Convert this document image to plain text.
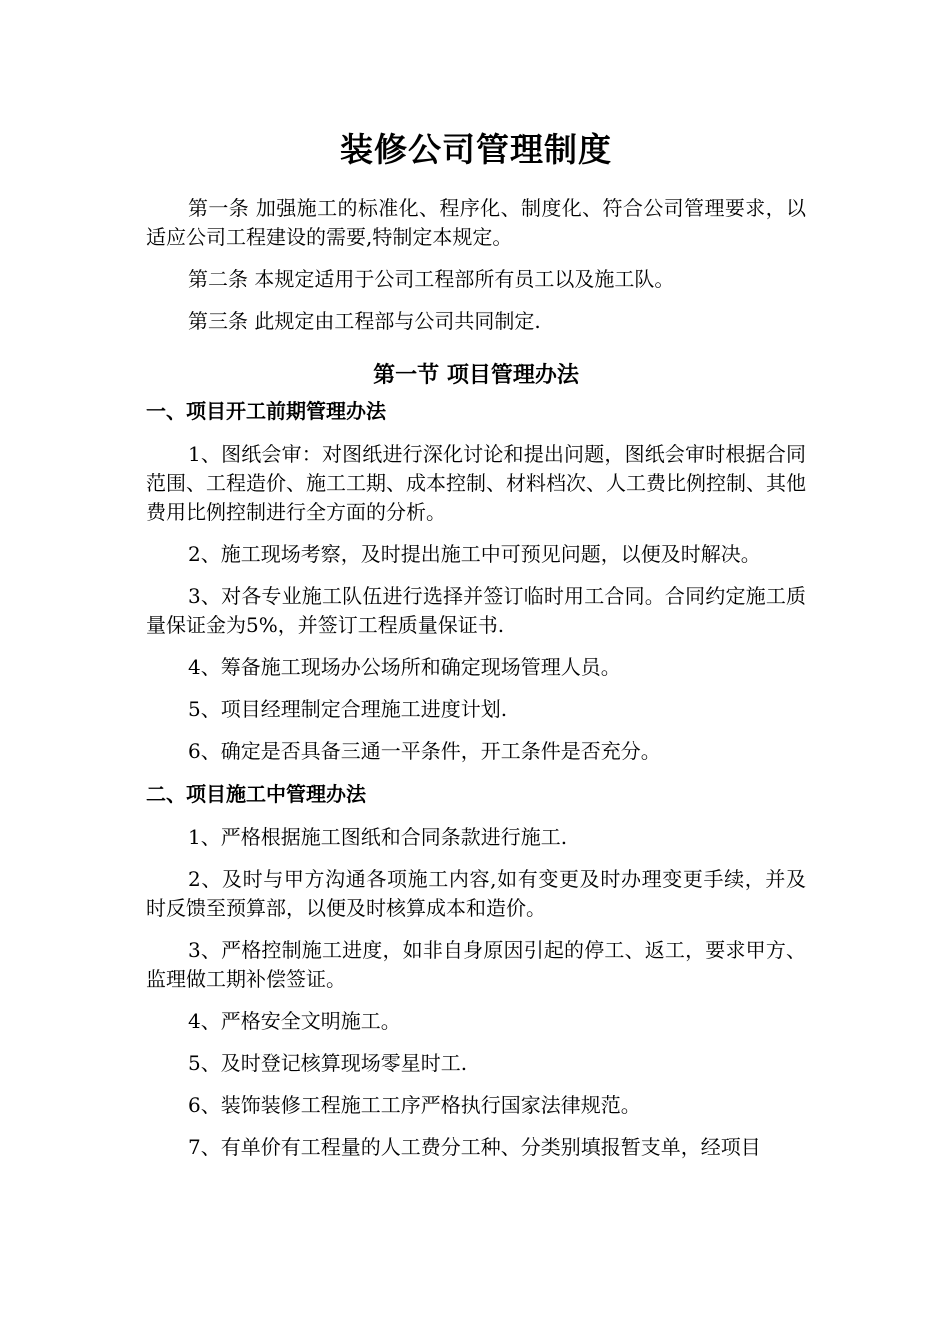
装修公司管理制度

第一条 加强施工的标准化、程序化、制度化、符合公司管理要求，以适应公司工程建设的需要,特制定本规定。

第二条 本规定适用于公司工程部所有员工以及施工队。

第三条 此规定由工程部与公司共同制定.

第一节 项目管理办法
一、项目开工前期管理办法

1、图纸会审：对图纸进行深化讨论和提出问题，图纸会审时根据合同范围、工程造价、施工工期、成本控制、材料档次、人工费比例控制、其他费用比例控制进行全方面的分析。

2、施工现场考察，及时提出施工中可预见问题，以便及时解决。

3、对各专业施工队伍进行选择并签订临时用工合同。合同约定施工质量保证金为5%，并签订工程质量保证书.

4、筹备施工现场办公场所和确定现场管理人员。

5、项目经理制定合理施工进度计划.

6、确定是否具备三通一平条件，开工条件是否充分。

二、项目施工中管理办法

1、严格根据施工图纸和合同条款进行施工.

2、及时与甲方沟通各项施工内容,如有变更及时办理变更手续，并及时反馈至预算部，以便及时核算成本和造价。

3、严格控制施工进度，如非自身原因引起的停工、返工，要求甲方、监理做工期补偿签证。

4、严格安全文明施工。

5、及时登记核算现场零星时工.

6、装饰装修工程施工工序严格执行国家法律规范。

7、有单价有工程量的人工费分工种、分类别填报暂支单，经项目
